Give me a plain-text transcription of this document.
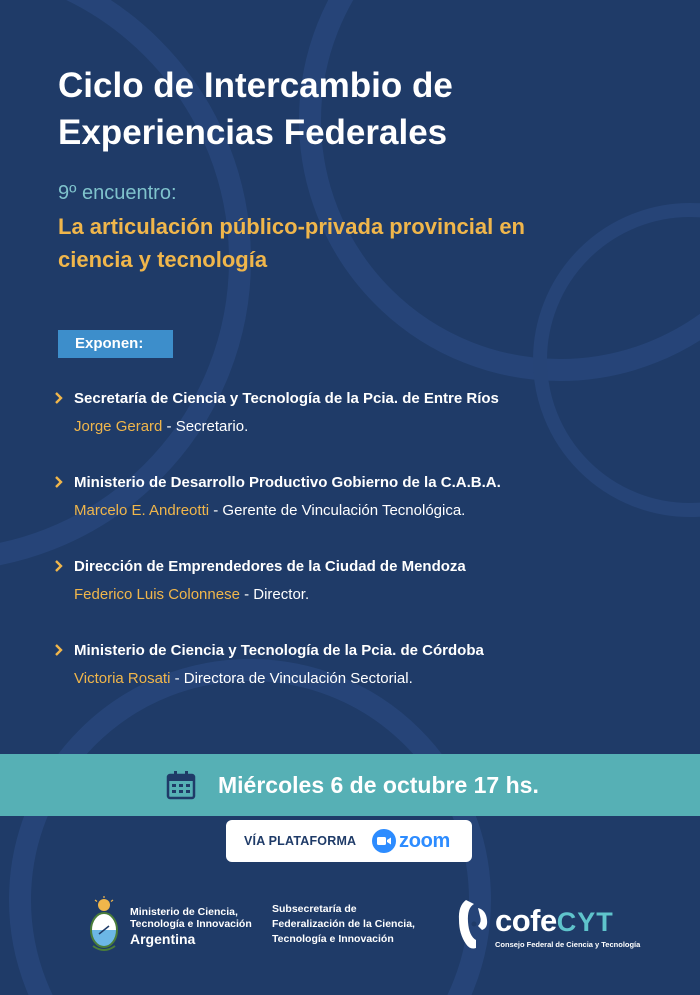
Ciclo de Intercambio de
Experiencias Federales
9º encuentro:
La articulación público-privada provincial en
ciencia y tecnología
Exponen:
Secretaría de Ciencia y Tecnología de la Pcia. de Entre Ríos
Jorge Gerard - Secretario.
Ministerio de Desarrollo Productivo Gobierno de la C.A.B.A.
Marcelo E. Andreotti - Gerente de Vinculación Tecnológica.
Dirección de Emprendedores de la Ciudad de Mendoza
Federico Luis Colonnese - Director.
Ministerio de Ciencia y Tecnología de la Pcia. de Córdoba
Victoria Rosati - Directora de Vinculación Sectorial.
Miércoles 6 de octubre 17 hs.
VÍA PLATAFORMA zoom
Ministerio de Ciencia,
Tecnología e Innovación
Argentina
Subsecretaría de
Federalización de la Ciencia,
Tecnología e Innovación
cofeCYT
Consejo Federal de Ciencia y Tecnología
